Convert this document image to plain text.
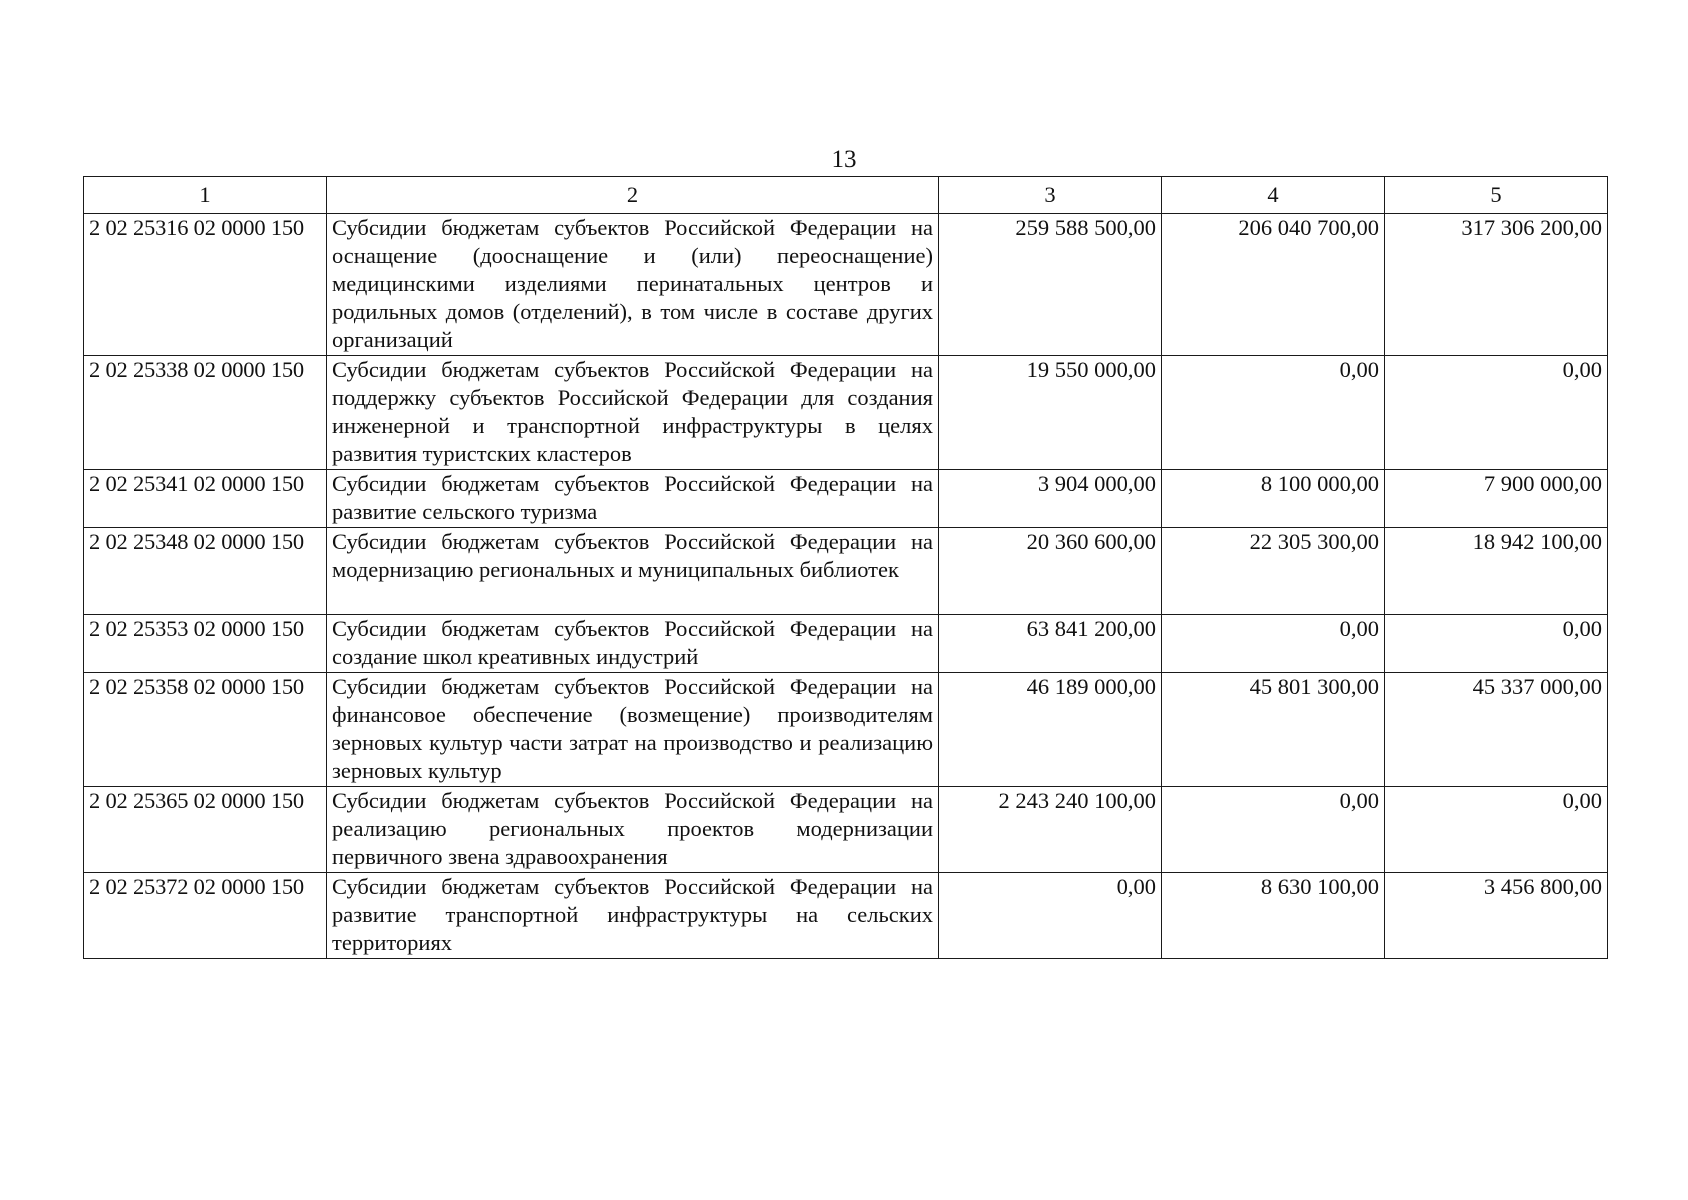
13
1	2	3	4	5
2 02 25316 02 0000 150	Субсидии бюджетам субъектов Российской Федерации на оснащение (дооснащение и (или) переоснащение) медицинскими изделиями перинатальных центров и родильных домов (отделений), в том числе в составе других организаций	259 588 500,00	206 040 700,00	317 306 200,00
2 02 25338 02 0000 150	Субсидии бюджетам субъектов Российской Федерации на поддержку субъектов Российской Федерации для создания инженерной и транспортной инфраструктуры в целях развития туристских кластеров	19 550 000,00	0,00	0,00
2 02 25341 02 0000 150	Субсидии бюджетам субъектов Российской Федерации на развитие сельского туризма	3 904 000,00	8 100 000,00	7 900 000,00
2 02 25348 02 0000 150	Субсидии бюджетам субъектов Российской Федерации на модернизацию региональных и муниципальных библиотек	20 360 600,00	22 305 300,00	18 942 100,00
2 02 25353 02 0000 150	Субсидии бюджетам субъектов Российской Федерации на создание школ креативных индустрий	63 841 200,00	0,00	0,00
2 02 25358 02 0000 150	Субсидии бюджетам субъектов Российской Федерации на финансовое обеспечение (возмещение) производителям зерновых культур части затрат на производство и реализацию зерновых культур	46 189 000,00	45 801 300,00	45 337 000,00
2 02 25365 02 0000 150	Субсидии бюджетам субъектов Российской Федерации на реализацию региональных проектов модернизации первичного звена здравоохранения	2 243 240 100,00	0,00	0,00
2 02 25372 02 0000 150	Субсидии бюджетам субъектов Российской Федерации на развитие транспортной инфраструктуры на сельских территориях	0,00	8 630 100,00	3 456 800,00
